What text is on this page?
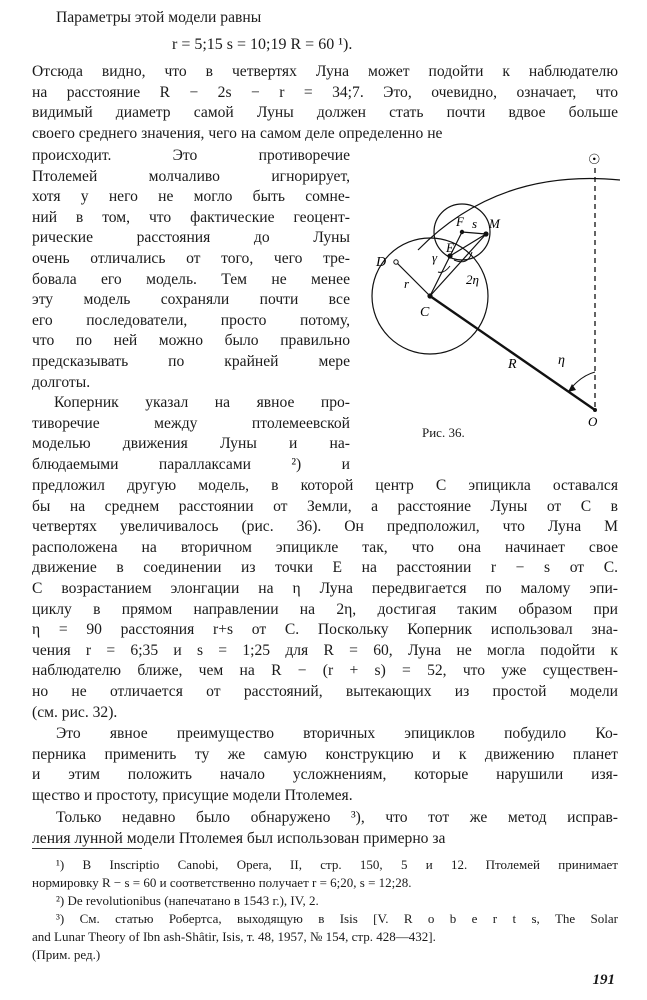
Параметры этой модели равны
r = 5;15 s = 10;19 R = 60 ¹).
Отсюда видно, что в четвертях Луна может подойти к наблюдателю
на расстояние R − 2s − r = 34;7. Это, очевидно, означает, что
видимый диаметр самой Луны должен стать почти вдвое больше
своего среднего значения, чего на самом деле определенно не
происходит. Это противоречие
Птолемей молчаливо игнорирует,
хотя у него не могло быть сомне-
ний в том, что фактические геоцент-
рические расстояния до Луны
очень отличались от того, чего тре-
бовала его модель. Тем не менее
эту модель сохраняли почти все
его последователи, просто потому,
что по ней можно было правильно
предсказывать по крайней мере
долготы.
Коперник указал на явное про-
тиворечие между птолемеевской
моделью движения Луны и на-
блюдаемыми параллаксами ²) и
предложил другую модель, в которой центр C эпицикла оставался
бы на среднем расстоянии от Земли, а расстояние Луны от C в
четвертях увеличивалось (рис. 36). Он предположил, что Луна M
расположена на вторичном эпицикле так, что она начинает свое
движение в соединении из точки E на расстоянии r − s от C.
С возрастанием элонгации на η Луна передвигается по малому эпи-
циклу в прямом направлении на 2η, достигая таким образом при
η = 90 расстояния r+s от C. Поскольку Коперник использовал зна-
чения r = 6;35 и s = 1;25 для R = 60, Луна не могла подойти к
наблюдателю ближе, чем на R − (r + s) = 52, что уже существен-
но не отличается от расстояний, вытекающих из простой модели
(см. рис. 32).
Это явное преимущество вторичных эпициклов побудило Ко-
перника применить ту же самую конструкцию и к движению планет
и этим положить начало усложнениям, которые нарушили изя-
щество и простоту, присущие модели Птолемея.
Только недавно было обнаружено ³), что тот же метод исправ-
ления лунной модели Птолемея был использован примерно за
☉
D
r
C
γ
E
F s M
2η
R	η
O
Рис. 36.
¹) В Inscriptio Canobi, Opera, II, стр. 150, 5 и 12. Птолемей принимает
нормировку R − s = 60 и соответственно получает r = 6;20, s = 12;28.
²) De revolutionibus (напечатано в 1543 г.), IV, 2.
³) См. статью Робертса, выходящую в Isis [V. R o b e r t s, The Solar
and Lunar Theory of Ibn ash-Shâtir, Isis, т. 48, 1957, № 154, стр. 428—432].
(Прим. ред.)
191
